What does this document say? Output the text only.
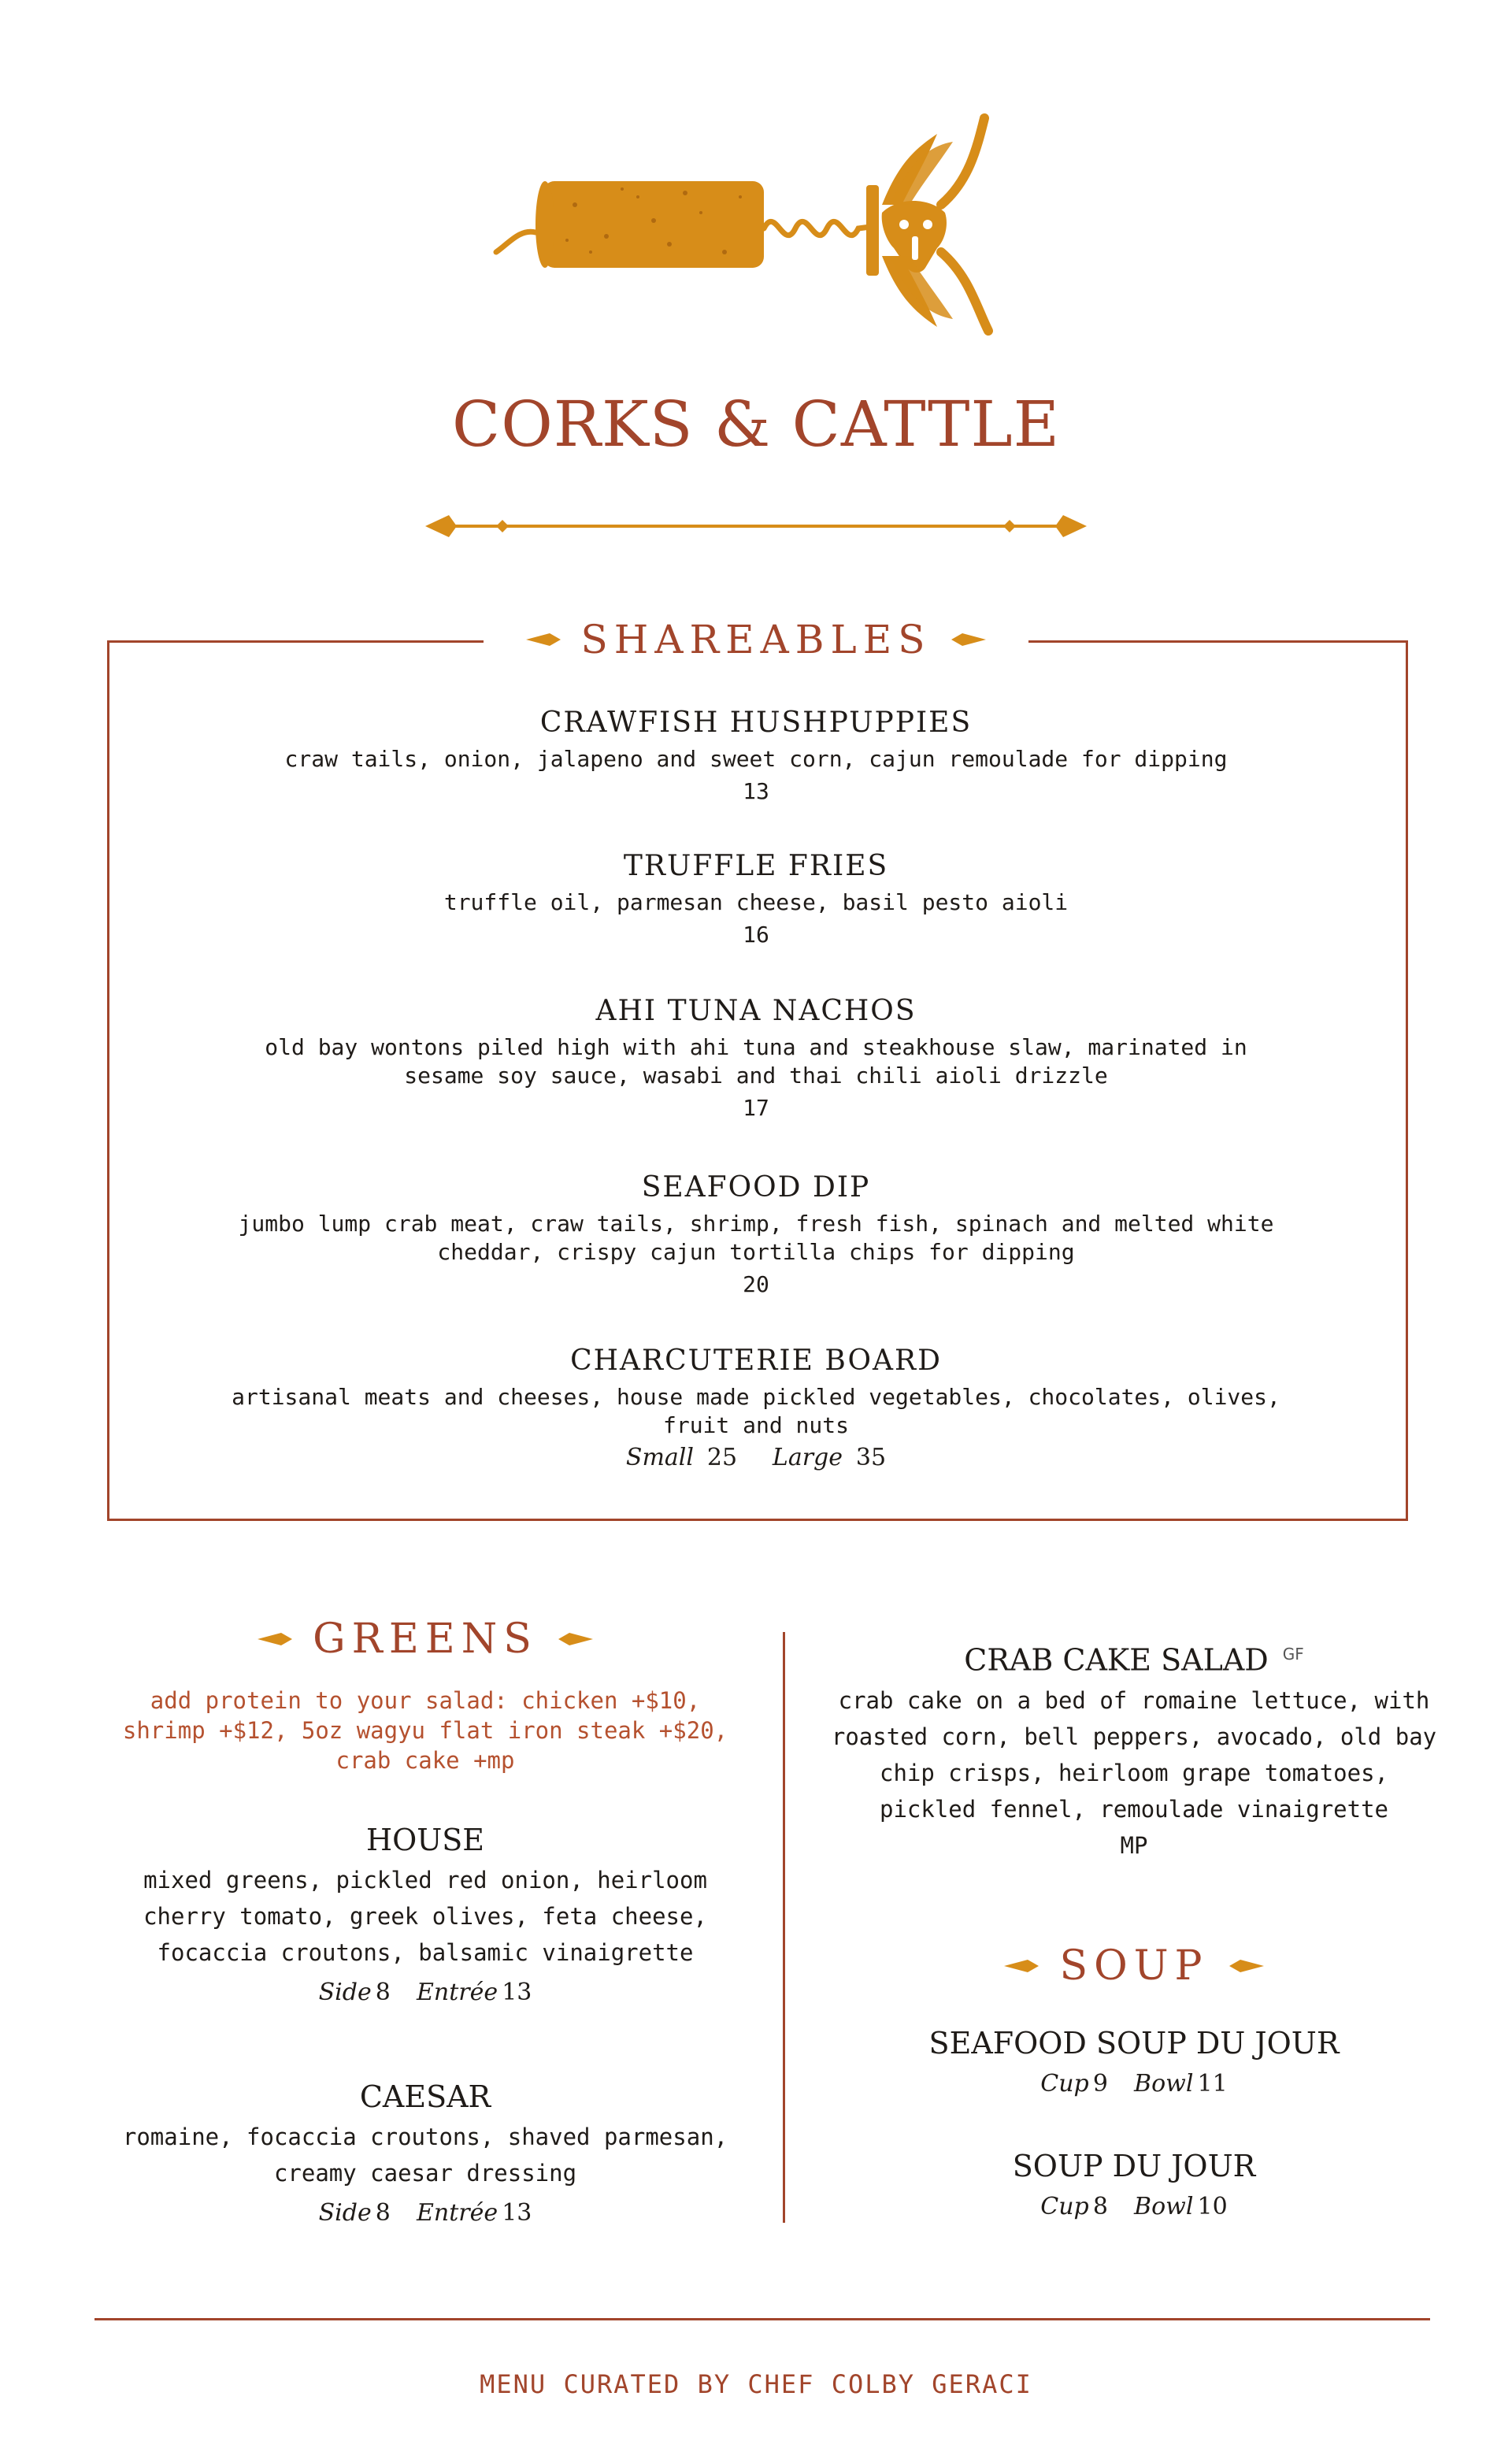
CORKS & CATTLE
SHAREABLES
CRAWFISH HUSHPUPPIES
craw tails, onion, jalapeno and sweet corn, cajun remoulade for dipping
13
TRUFFLE FRIES
truffle oil, parmesan cheese, basil pesto aioli
16
AHI TUNA NACHOS
old bay wontons piled high with ahi tuna and steakhouse slaw, marinated in sesame soy sauce, wasabi and thai chili aioli drizzle
17
SEAFOOD DIP
jumbo lump crab meat, craw tails, shrimp, fresh fish, spinach and melted white cheddar, crispy cajun tortilla chips for dipping
20
CHARCUTERIE BOARD
artisanal meats and cheeses, house made pickled vegetables, chocolates, olives, fruit and nuts
Small 25 Large 35
GREENS
add protein to your salad: chicken +$10, shrimp +$12, 5oz wagyu flat iron steak +$20, crab cake +mp
HOUSE
mixed greens, pickled red onion, heirloom cherry tomato, greek olives, feta cheese, focaccia croutons, balsamic vinaigrette
Side 8 Entrée 13
CAESAR
romaine, focaccia croutons, shaved parmesan, creamy caesar dressing
Side 8 Entrée 13
CRAB CAKE SALAD $^{GF}$
crab cake on a bed of romaine lettuce, with roasted corn, bell peppers, avocado, old bay chip crisps, heirloom grape tomatoes, pickled fennel, remoulade vinaigrette
MP
SOUP
SEAFOOD SOUP DU JOUR
Cup 9 Bowl 11
SOUP DU JOUR
Cup 8 Bowl 10
MENU CURATED BY CHEF COLBY GERACI
